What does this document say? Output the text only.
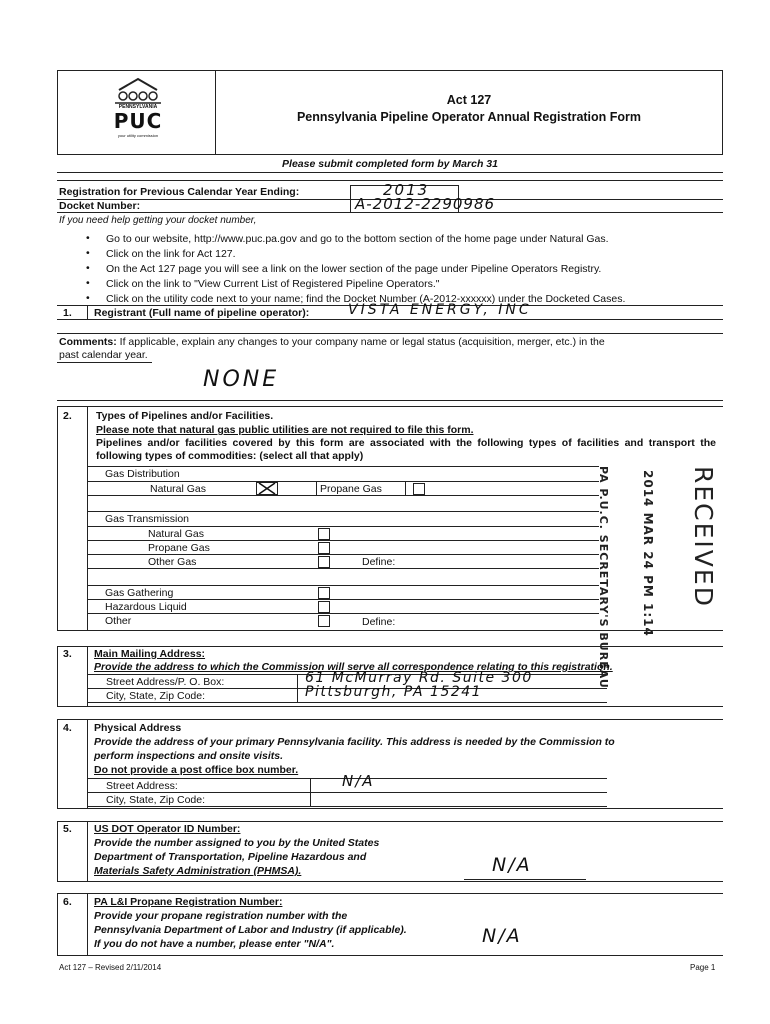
PENNSYLVANIA
PUC
your utility commission
Act 127
Pennsylvania Pipeline Operator Annual Registration Form
Please submit completed form by March 31
Registration for Previous Calendar Year Ending:	2013
Docket Number:	A-2012-2290986
If you need help getting your docket number,
• Go to our website, http://www.puc.pa.gov and go to the bottom section of the home page under Natural Gas.
• Click on the link for Act 127.
• On the Act 127 page you will see a link on the lower section of the page under Pipeline Operators Registry.
• Click on the link to "View Current List of Registered Pipeline Operators."
• Click on the utility code next to your name; find the Docket Number (A-2012-xxxxxx) under the Docketed Cases.
1. Registrant (Full name of pipeline operator):	VISTA ENERGY, INC
Comments: If applicable, explain any changes to your company name or legal status (acquisition, merger, etc.) in the
past calendar year.
NONE
2. Types of Pipelines and/or Facilities.
Please note that natural gas public utilities are not required to file this form.
Pipelines and/or facilities covered by this form are associated with the following types of facilities and transport the following types of commodities: (select all that apply)
Gas Distribution
Natural Gas	Propane Gas
Gas Transmission
Natural Gas
Propane Gas
Other Gas	Define:
Gas Gathering
Hazardous Liquid
Other	Define:
RECEIVED
2014 MAR 24 PM 1:14
PA P.U.C. SECRETARY'S BUREAU
3. Main Mailing Address:
Provide the address to which the Commission will serve all correspondence relating to this registration.
Street Address/P. O. Box:	61 McMurray Rd. Suite 300
City, State, Zip Code:	Pittsburgh, PA 15241
4. Physical Address
Provide the address of your primary Pennsylvania facility. This address is needed by the Commission to
perform inspections and onsite visits.
Do not provide a post office box number.
Street Address:	N/A
City, State, Zip Code:
5. US DOT Operator ID Number:
Provide the number assigned to you by the United States
Department of Transportation, Pipeline Hazardous and
Materials Safety Administration (PHMSA).	N/A
6. PA L&I Propane Registration Number:
Provide your propane registration number with the
Pennsylvania Department of Labor and Industry (if applicable).
If you do not have a number, please enter "N/A".	N/A
Act 127 – Revised 2/11/2014	Page 1
